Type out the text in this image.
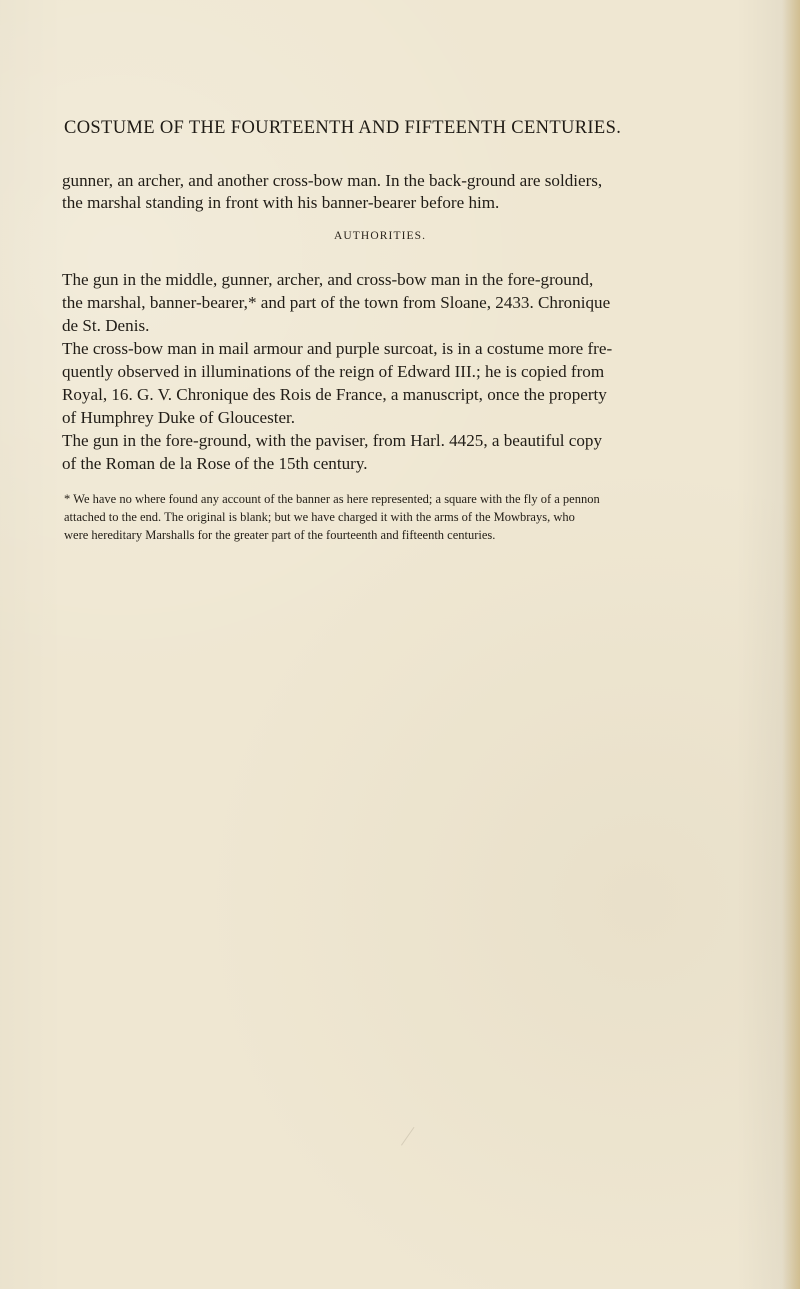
COSTUME OF THE FOURTEENTH AND FIFTEENTH CENTURIES.
gunner, an archer, and another cross-bow man. In the back-ground are soldiers,
the marshal standing in front with his banner-bearer before him.
AUTHORITIES.
The gun in the middle, gunner, archer, and cross-bow man in the fore-ground,
the marshal, banner-bearer,* and part of the town from Sloane, 2433. Chronique
de St. Denis.
The cross-bow man in mail armour and purple surcoat, is in a costume more fre-
quently observed in illuminations of the reign of Edward III.; he is copied from
Royal, 16. G. V. Chronique des Rois de France, a manuscript, once the property
of Humphrey Duke of Gloucester.
The gun in the fore-ground, with the paviser, from Harl. 4425, a beautiful copy
of the Roman de la Rose of the 15th century.
* We have no where found any account of the banner as here represented; a square with the fly of a pennon
attached to the end. The original is blank; but we have charged it with the arms of the Mowbrays, who
were hereditary Marshalls for the greater part of the fourteenth and fifteenth centuries.
